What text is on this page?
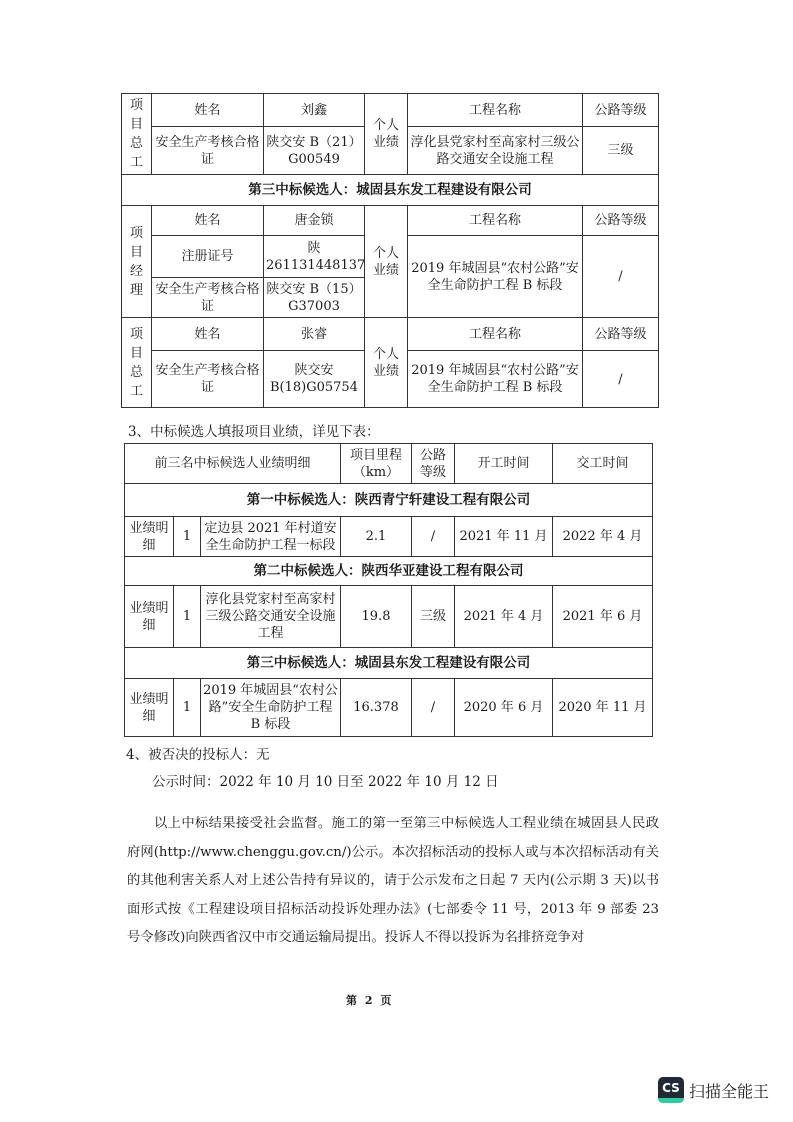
项目总工	姓名	刘鑫	个人业绩	工程名称	公路等级
	安全生产考核合格证	陕交安 B（21）G00549		淳化县党家村至高家村三级公路交通安全设施工程	三级
第三中标候选人：城固县东发工程建设有限公司					
项目经理	姓名	唐金锁	个人业绩	工程名称	公路等级
	注册证号	陕 261131448137		2019 年城固县“农村公路”安全生命防护工程 B 标段	/
	安全生产考核合格证	陕交安 B（15）G37003			
项目总工	姓名	张睿	个人业绩	工程名称	公路等级
	安全生产考核合格证	陕交安 B(18)G05754		2019 年城固县“农村公路”安全生命防护工程 B 标段	/
3、中标候选人填报项目业绩，详见下表：
前三名中标候选人业绩明细			项目里程（km）	公路等级	开工时间	交工时间
第一中标候选人：陕西青宁轩建设工程有限公司						
业绩明细	1	定边县 2021 年村道安全生命防护工程一标段	2.1	/	2021 年 11 月	2022 年 4 月
第二中标候选人：陕西华亚建设工程有限公司						
业绩明细	1	淳化县党家村至高家村三级公路交通安全设施工程	19.8	三级	2021 年 4 月	2021 年 6 月
第三中标候选人：城固县东发工程建设有限公司						
业绩明细	1	2019 年城固县“农村公路”安全生命防护工程 B 标段	16.378	/	2020 年 6 月	2020 年 11 月
4、被否决的投标人：无
公示时间：2022 年 10 月 10 日至 2022 年 10 月 12 日
以上中标结果接受社会监督。施工的第一至第三中标候选人工程业绩在城固县人民政府网(http://www.chenggu.gov.cn/)公示。本次招标活动的投标人或与本次招标活动有关的其他利害关系人对上述公告持有异议的，请于公示发布之日起 7 天内(公示期 3 天)以书面形式按《工程建设项目招标活动投诉处理办法》(七部委令 11 号，2013 年 9 部委 23 号令修改)向陕西省汉中市交通运输局提出。投诉人不得以投诉为名排挤竞争对
第 2 页
CS 扫描全能王
